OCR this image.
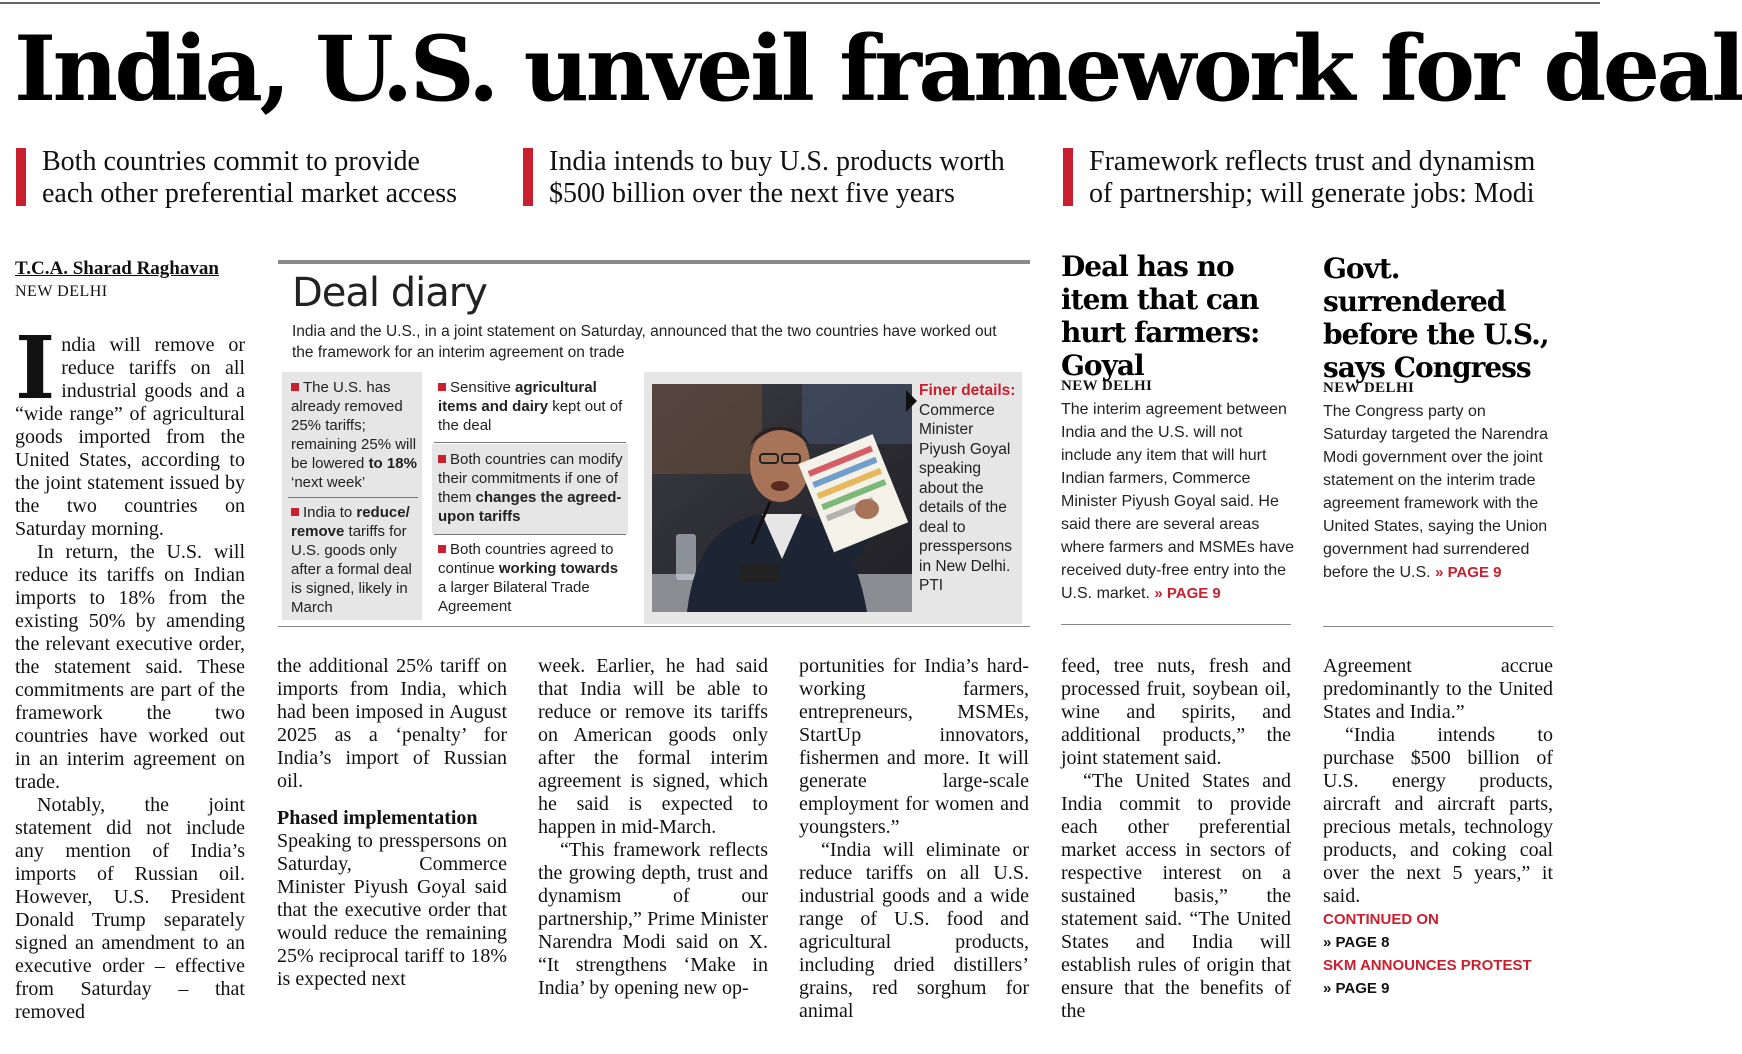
India, U.S. unveil framework for deal
Both countries commit to provide
each other preferential market access
India intends to buy U.S. products worth
$500 billion over the next five years
Framework reflects trust and dynamism
of partnership; will generate jobs: Modi
T.C.A. Sharad Raghavan
NEW DELHI

India will remove or reduce tariffs on all industrial goods and a “wide range” of agricultural goods imported from the United States, according to the joint statement issued by the two countries on Saturday morning.

In return, the U.S. will reduce its tariffs on Indian imports to 18% from the existing 50% by amending the relevant executive order, the statement said. These commitments are part of the framework the two countries have worked out in an interim agreement on trade.

Notably, the joint statement did not include any mention of India’s imports of Russian oil. However, U.S. President Donald Trump separately signed an amendment to an executive order – effective from Saturday – that removed

Deal diary
India and the U.S., in a joint statement on Saturday, announced that the two countries have worked out the framework for an interim agreement on trade
The U.S. has already removed 25% tariffs; remaining 25% will be lowered to 18% ‘next week’
India to reduce/ remove tariffs for U.S. goods only after a formal deal is signed, likely in March
Sensitive agricultural items and dairy kept out of the deal
Both countries can modify their commitments if one of them changes the agreed-upon tariffs
Both countries agreed to continue working towards a larger Bilateral Trade Agreement
Finer details:
Commerce Minister Piyush Goyal speaking about the details of the deal to presspersons in New Delhi.
PTI

the additional 25% tariff on imports from India, which had been imposed in August 2025 as a ‘penalty’ for India’s import of Russian oil.

Phased implementation

Speaking to presspersons on Saturday, Commerce Minister Piyush Goyal said that the executive order that would reduce the remaining 25% reciprocal tariff to 18% is expected next

week. Earlier, he had said that India will be able to reduce or remove its tariffs on American goods only after the formal interim agreement is signed, which he said is expected to happen in mid-March.

“This framework reflects the growing depth, trust and dynamism of our partnership,” Prime Minister Narendra Modi said on X. “It strengthens ‘Make in India’ by opening new op-

portunities for India’s hard-working farmers, entrepreneurs, MSMEs, StartUp innovators, fishermen and more. It will generate large-scale employment for women and youngsters.”

“India will eliminate or reduce tariffs on all U.S. industrial goods and a wide range of U.S. food and agricultural products, including dried distillers’ grains, red sorghum for animal

Deal has no item that can hurt farmers: Goyal
NEW DELHI
The interim agreement between India and the U.S. will not include any item that will hurt Indian farmers, Commerce Minister Piyush Goyal said. He said there are several areas where farmers and MSMEs have received duty-free entry into the U.S. market. » PAGE 9
Govt. surrendered before the U.S., says Congress
NEW DELHI
The Congress party on Saturday targeted the Narendra Modi government over the joint statement on the interim trade agreement framework with the United States, saying the Union government had surrendered before the U.S. » PAGE 9

feed, tree nuts, fresh and processed fruit, soybean oil, wine and spirits, and additional products,” the joint statement said.

“The United States and India commit to provide each other preferential market access in sectors of respective interest on a sustained basis,” the statement said. “The United States and India will establish rules of origin that ensure that the benefits of the

Agreement accrue predominantly to the United States and India.”

“India intends to purchase $500 billion of U.S. energy products, aircraft and aircraft parts, precious metals, technology products, and coking coal over the next 5 years,” it said.

CONTINUED ON
» PAGE 8
SKM ANNOUNCES PROTEST
» PAGE 9
